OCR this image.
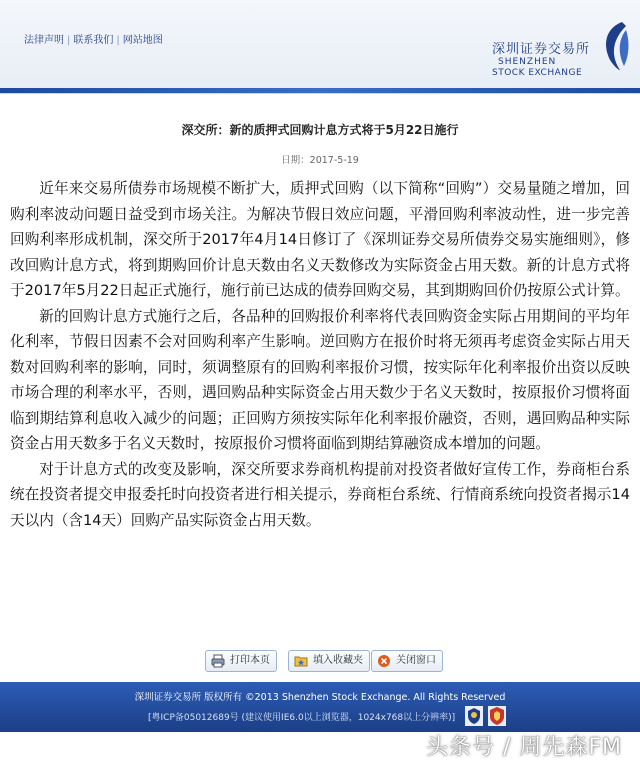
法律声明 | 联系我们 | 网站地图
深圳证券交易所
SHENZHEN
STOCK EXCHANGE
深交所：新的质押式回购计息方式将于5月22日施行
日期：2017-5-19

近年来交易所债券市场规模不断扩大，质押式回购（以下简称“回购”）交易量随之增加，回购利率波动问题日益受到市场关注。为解决节假日效应问题，平滑回购利率波动性，进一步完善回购利率形成机制，深交所于2017年4月14日修订了《深圳证券交易所债券交易实施细则》，修改回购计息方式，将到期购回价计息天数由名义天数修改为实际资金占用天数。新的计息方式将于2017年5月22日起正式施行，施行前已达成的债券回购交易，其到期购回价仍按原公式计算。

新的回购计息方式施行之后，各品种的回购报价利率将代表回购资金实际占用期间的平均年化利率，节假日因素不会对回购利率产生影响。逆回购方在报价时将无须再考虑资金实际占用天数对回购利率的影响，同时，须调整原有的回购利率报价习惯，按实际年化利率报价出资以反映市场合理的利率水平，否则，遇回购品种实际资金占用天数少于名义天数时，按原报价习惯将面临到期结算利息收入减少的问题；正回购方须按实际年化利率报价融资，否则，遇回购品种实际资金占用天数多于名义天数时，按原报价习惯将面临到期结算融资成本增加的问题。

对于计息方式的改变及影响，深交所要求券商机构提前对投资者做好宣传工作，券商柜台系统在投资者提交申报委托时向投资者进行相关提示，券商柜台系统、行情商系统向投资者揭示14天以内（含14天）回购产品实际资金占用天数。

打印本页	填入收藏夹	关闭窗口
深圳证券交易所 版权所有 ©2013 Shenzhen Stock Exchange. All Rights Reserved
[粤ICP备05012689号 (建议使用IE6.0以上浏览器，1024x768以上分辨率)]
头条号 / 周先森FM
